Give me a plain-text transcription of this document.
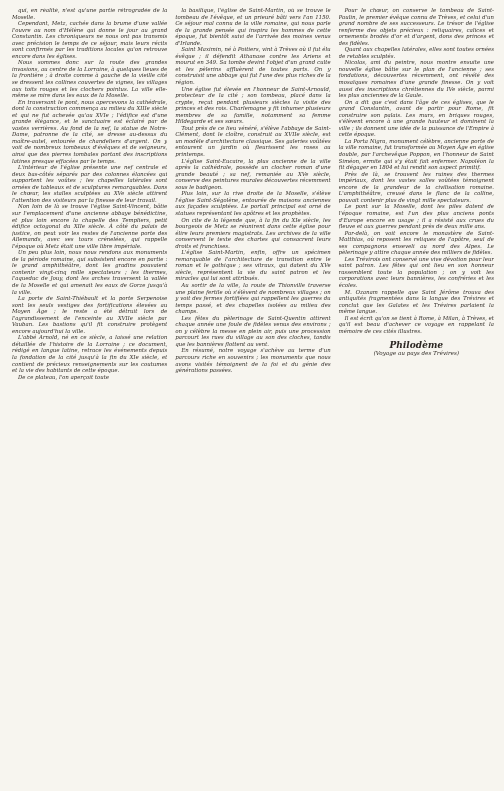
qui, en réalité, n'est qu'une partie rétrogradée de la Moselle.

Cependant, Metz, cachée dans la brume d'une vallée l'ouvre au nom d'Hélène qui donne le jour au grand Constantin. Les chroniqueurs ne nous ont pas transmis avec précision le temps de ce séjour, mais leurs récits sont confirmés par les traditions locales qu'on retrouve encore dans les églises.

Nous sommes donc sur la route des grandes invasions, au centre de la Lorraine, à quelques lieues de la frontière ; à droite comme à gauche de la vieille cité se dressent les collines couvertes de vignes, les villages aux toits rouges et les clochers pointus. La ville elle-même se mire dans les eaux de la Moselle.

En traversant le pont, nous apercevons la cathédrale, dont la construction commença au milieu du XIIIe siècle et qui ne fut achevée qu'au XVIe ; l'édifice est d'une grande élégance, et le sanctuaire est éclairé par de vastes verrières. Au fond de la nef, la statue de Notre-Dame, patronne de la cité, se dresse au-dessus du maître-autel, entourée de chandeliers d'argent. On y voit de nombreux tombeaux d'évêques et de seigneurs, ainsi que des pierres tombales portant des inscriptions latines presque effacées par le temps.

L'intérieur de l'église présente une nef centrale et deux bas-côtés séparés par des colonnes élancées qui supportent les voûtes ; les chapelles latérales sont ornées de tableaux et de sculptures remarquables. Dans le chœur, les stalles sculptées au XVe siècle attirent l'attention des visiteurs par la finesse de leur travail.

Non loin de là se trouve l'église Saint-Vincent, bâtie sur l'emplacement d'une ancienne abbaye bénédictine, et plus loin encore la chapelle des Templiers, petit édifice octogonal du XIIe siècle. À côté du palais de justice, on peut voir les restes de l'ancienne porte des Allemands, avec ses tours crénelées, qui rappelle l'époque où Metz était une ville libre impériale.

Un peu plus loin, nous nous rendons aux monuments de la période romaine, qui subsistent encore en partie : le grand amphithéâtre, dont les gradins pouvaient contenir vingt-cinq mille spectateurs ; les thermes, l'aqueduc de Jouy, dont les arches traversent la vallée de la Moselle et qui amenait les eaux de Gorze jusqu'à la ville.

La porte de Saint-Thiébault et la porte Serpenoise sont les seuls vestiges des fortifications élevées au Moyen Âge ; le reste a été détruit lors de l'agrandissement de l'enceinte au XVIIe siècle par Vauban. Les bastions qu'il fit construire protègent encore aujourd'hui la ville.

L'abbé Arnold, né en ce siècle, a laissé une relation détaillée de l'histoire de la Lorraine ; ce document, rédigé en langue latine, retrace les événements depuis la fondation de la cité jusqu'à la fin du XIe siècle, et contient de précieux renseignements sur les coutumes et la vie des habitants de cette époque.

De ce plateau, l'on aperçoit toute

la basilique, l'église de Saint-Martin, où se trouve le tombeau de l'évêque, et un prieuré bâti vers l'an 1150. Ce séjour mal connu de la ville romaine, qui nous parle de la grande pensée qui inspira les hommes de cette époque, fut bientôt suivi de l'arrivée des moines venus d'Irlande.

Saint Maximin, né à Poitiers, vint à Trèves où il fut élu évêque ; il défendit Athanase contre les Ariens et mourut en 349. Sa tombe devint l'objet d'un grand culte et les pèlerins affluèrent de toutes parts. On y construisit une abbaye qui fut l'une des plus riches de la région.

Une église fut élevée en l'honneur de Saint-Arnould, protecteur de la cité ; son tombeau, placé dans la crypte, reçut pendant plusieurs siècles la visite des princes et des rois. Charlemagne y fit inhumer plusieurs membres de sa famille, notamment sa femme Hildegarde et ses sœurs.

Tout près de ce lieu vénéré, s'élève l'abbaye de Saint-Clément, dont le cloître, construit au XVIIe siècle, est un modèle d'architecture classique. Ses galeries voûtées entourent un jardin où fleurissent les roses au printemps.

L'église Saint-Eucaire, la plus ancienne de la ville après la cathédrale, possède un clocher roman d'une grande beauté ; sa nef, remaniée au XVe siècle, conserve des peintures murales découvertes récemment sous le badigeon.

Plus loin, sur la rive droite de la Moselle, s'élève l'église Saint-Ségolène, entourée de maisons anciennes aux façades sculptées. Le portail principal est orné de statues représentant les apôtres et les prophètes.

On cite de la légende que, à la fin du XIe siècle, les bourgeois de Metz se réunirent dans cette église pour élire leurs premiers magistrats. Les archives de la ville conservent le texte des chartes qui consacrent leurs droits et franchises.

L'église Saint-Martin, enfin, offre un spécimen remarquable de l'architecture de transition entre le roman et le gothique ; ses vitraux, qui datent du XVe siècle, représentent la vie du saint patron et les miracles qui lui sont attribués.

Au sortir de la ville, la route de Thionville traverse une plaine fertile où s'élèvent de nombreux villages ; on y voit des fermes fortifiées qui rappellent les guerres du temps passé, et des chapelles isolées au milieu des champs.

Les fêtes du pèlerinage de Saint-Quentin attirent chaque année une foule de fidèles venus des environs ; on y célèbre la messe en plein air, puis une procession parcourt les rues du village au son des cloches, tandis que les bannières flottent au vent.

En résumé, notre voyage s'achève au terme d'un parcours riche en souvenirs ; les monuments que nous avons visités témoignent de la foi et du génie des générations passées.

Pour le chœur, on conserve le tombeau de Saint-Paulin, le premier évêque connu de Trèves, et celui d'un grand nombre de ses successeurs. Le trésor de l'église renferme des objets précieux : reliquaires, calices et ornements brodés d'or et d'argent, dons des princes et des fidèles.

Quant aux chapelles latérales, elles sont toutes ornées de retables sculptés.

Nicolas, ami du peintre, nous montre ensuite une nouvelle église bâtie sur le plan de l'ancienne ; ses fondations, découvertes récemment, ont révélé des mosaïques romaines d'une grande finesse. On y voit aussi des inscriptions chrétiennes du IVe siècle, parmi les plus anciennes de la Gaule.

On a dit que c'est dans l'âge de ces églises, que le grand Constantin, avant de partir pour Rome, fit construire son palais. Les murs, en briques rouges, s'élèvent encore à une grande hauteur et dominent la ville ; ils donnent une idée de la puissance de l'Empire à cette époque.

La Porta Nigra, monument célèbre, ancienne porte de la ville romaine, fut transformée au Moyen Âge en église double, par l'archevêque Poppon, en l'honneur de Saint Siméon, ermite qui s'y était fait enfermer. Napoléon la fit dégager en 1804 et lui rendit son aspect primitif.

Près de là, se trouvent les ruines des thermes impériaux, dont les vastes salles voûtées témoignent encore de la grandeur de la civilisation romaine. L'amphithéâtre, creusé dans le flanc de la colline, pouvait contenir plus de vingt mille spectateurs.

Le pont sur la Moselle, dont les piles datent de l'époque romaine, est l'un des plus anciens ponts d'Europe encore en usage ; il a résisté aux crues du fleuve et aux guerres pendant près de deux mille ans.

Par-delà, on voit encore le monastère de Saint-Matthias, où reposent les reliques de l'apôtre, seul de ses compagnons enseveli au nord des Alpes. Le pèlerinage y attire chaque année des milliers de fidèles.

Les Trévirois ont conservé une vive dévotion pour leur saint patron. Les fêtes qui ont lieu en son honneur rassemblent toute la population ; on y voit les corporations avec leurs bannières, les confréries et les écoles.

M. Ozanam rappelle que Saint Jérôme trouva des antiquités fragmentées dans la langue des Trévires et conclut que les Galates et les Trévires parlaient la même langue.

Il est écrit qu'on se tient à Rome, à Milan, à Trèves, et qu'il est beau d'achever ce voyage en rappelant la mémoire de ces cités illustres.

Philodème

(Voyage au pays des Trévires)
